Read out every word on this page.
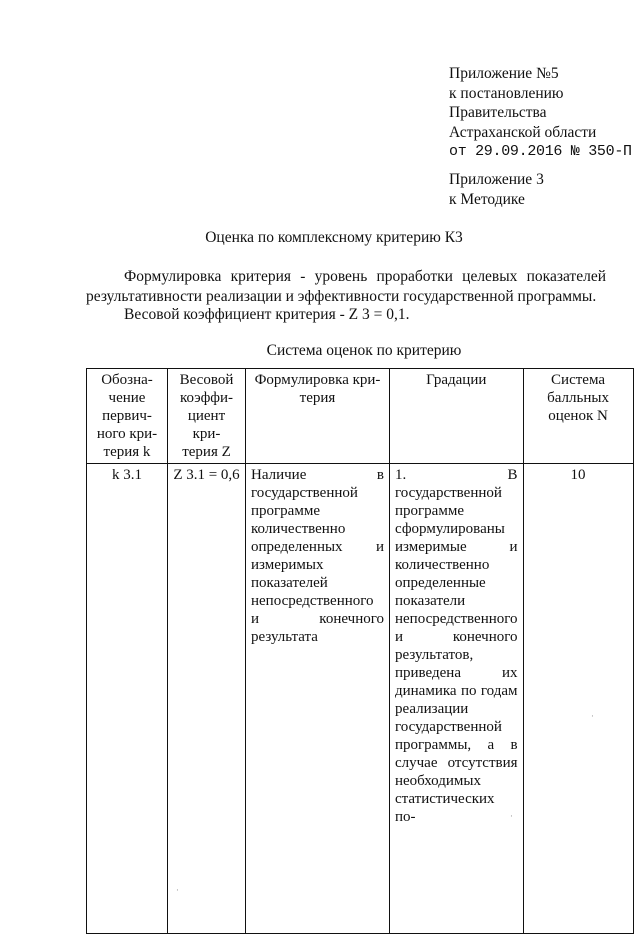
Приложение №5
к постановлению
Правительства
Астраханской области
от 29.09.2016 № 350-П
Приложение 3
к Методике
Оценка по комплексному критерию К3
Формулировка критерия - уровень проработки целевых показателей результативности реализации и эффективности государственной программы.
Весовой коэффициент критерия - Z 3 = 0,1.
Система оценок по критерию
Обозна-
чение
первич-
ного кри-
терия k	Весовой
коэффи-
циент кри-
терия Z	Формулировка кри-
терия	Градации	Система
балльных
оценок N
k 3.1	Z 3.1 = 0,6	Наличие в государственной программе количественно определенных и измеримых показателей непосредственного и конечного результата	1. В государственной программе сформулированы измеримые и количественно определенные показатели непосредственного и конечного результатов, приведена их динамика по годам реализации государственной программы, а в случае отсутствия необходимых статистических по-	10
·
·
·
